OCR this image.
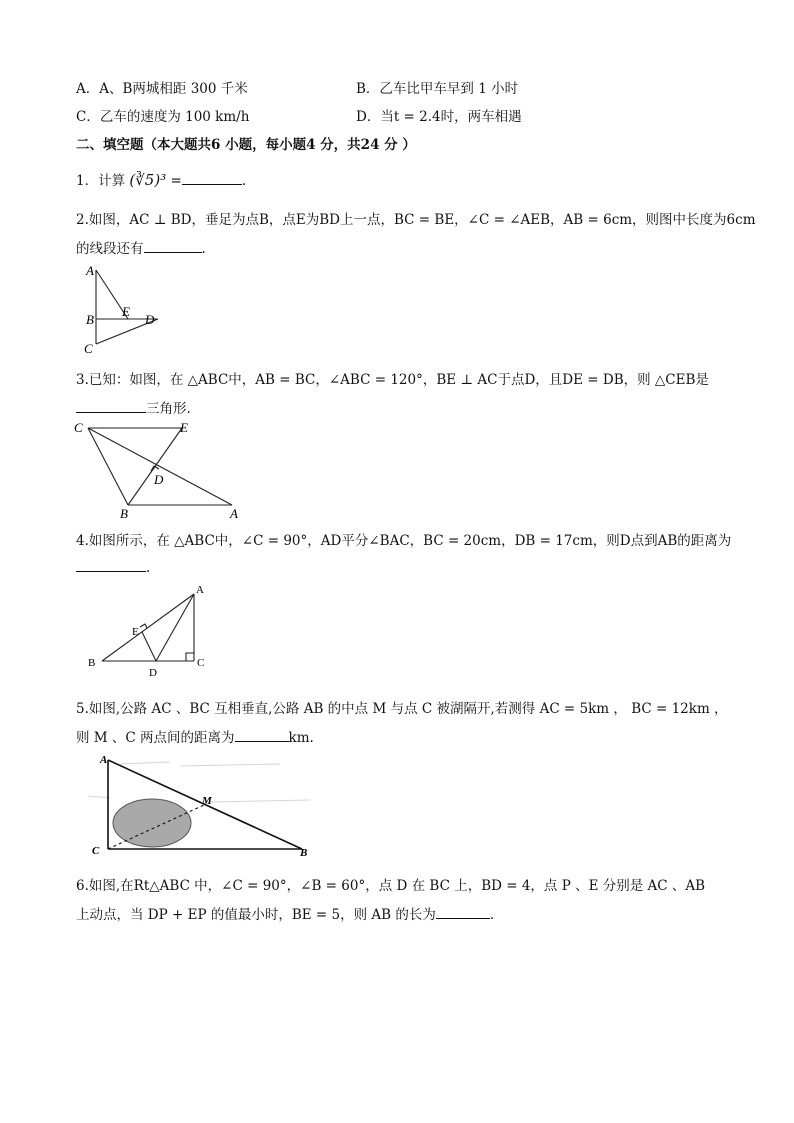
A．A、B两城相距 300 千米	B．乙车比甲车早到 1 小时
C．乙车的速度为 100 km/h	D．当t = 2.4时，两车相遇
二、填空题（本大题共6 小题，每小题4 分，共24 分 ）
1．计算 (∛5)³ =	.
2.如图，AC ⊥ BD，垂足为点B，点E为BD上一点，BC = BE，∠C = ∠AEB，AB = 6cm，则图中长度为6cm
的线段还有	.
A
B
E
D
C
3.已知：如图，在 △ABC中，AB = BC，∠ABC = 120°，BE ⊥ AC于点D，且DE = DB，则 △CEB是
三角形.
C	E
D
B	A
4.如图所示，在 △ABC中，∠C = 90°，AD平分∠BAC，BC = 20cm，DB = 17cm，则D点到AB的距离为
.
A
E
B
D
C
5.如图,公路 AC 、BC 互相垂直,公路 AB 的中点 M 与点 C 被湖隔开,若测得 AC = 5km ， BC = 12km ，
则 M 、C 两点间的距离为	km.
A
M
C	B
6.如图,在Rt△ABC 中，∠C = 90°，∠B = 60°，点 D 在 BC 上，BD = 4，点 P 、E 分别是 AC 、AB
上动点，当 DP + EP 的值最小时，BE = 5，则 AB 的长为	.
